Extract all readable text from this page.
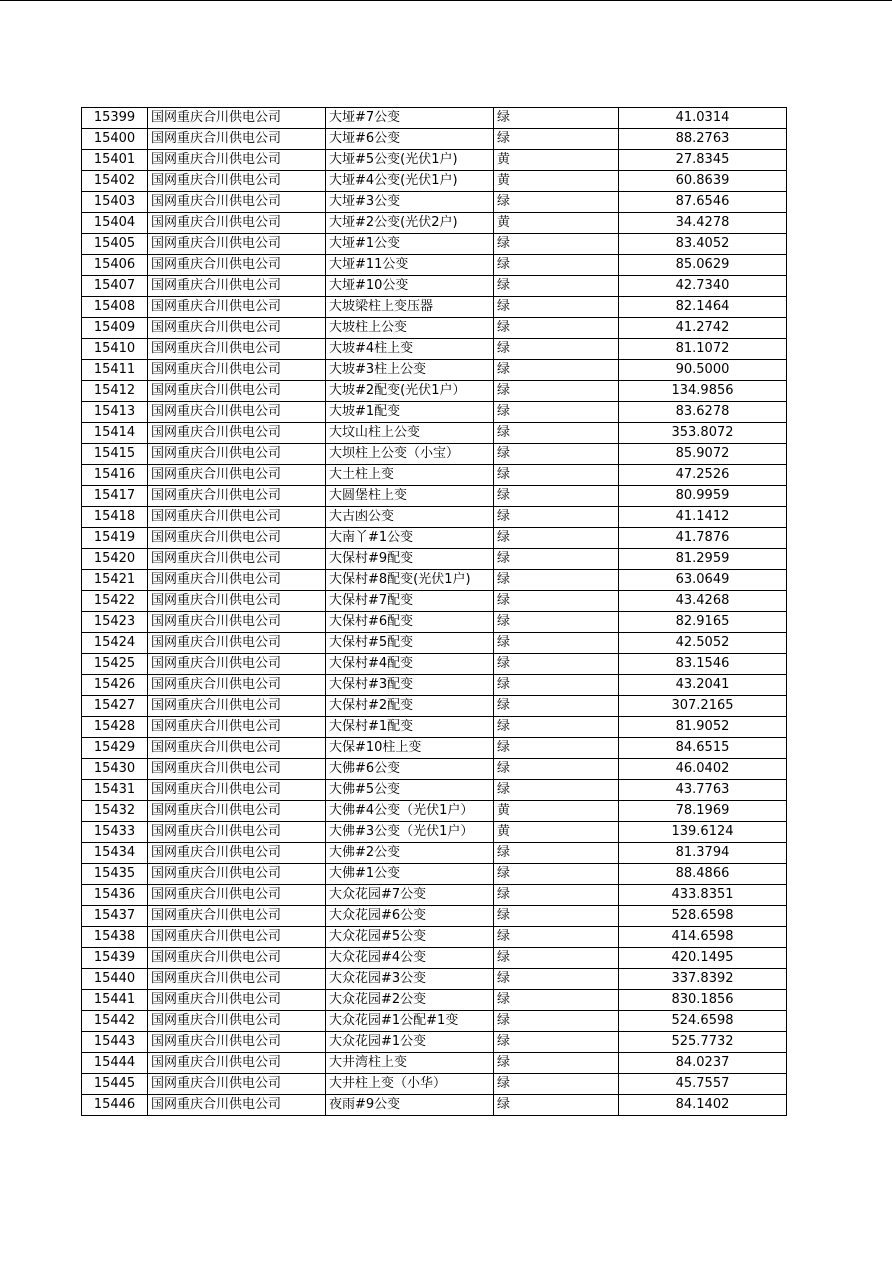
15399	国网重庆合川供电公司	大垭#7公变	绿	41.0314
15400	国网重庆合川供电公司	大垭#6公变	绿	88.2763
15401	国网重庆合川供电公司	大垭#5公变(光伏1户)	黄	27.8345
15402	国网重庆合川供电公司	大垭#4公变(光伏1户)	黄	60.8639
15403	国网重庆合川供电公司	大垭#3公变	绿	87.6546
15404	国网重庆合川供电公司	大垭#2公变(光伏2户)	黄	34.4278
15405	国网重庆合川供电公司	大垭#1公变	绿	83.4052
15406	国网重庆合川供电公司	大垭#11公变	绿	85.0629
15407	国网重庆合川供电公司	大垭#10公变	绿	42.7340
15408	国网重庆合川供电公司	大坡梁柱上变压器	绿	82.1464
15409	国网重庆合川供电公司	大坡柱上公变	绿	41.2742
15410	国网重庆合川供电公司	大坡#4柱上变	绿	81.1072
15411	国网重庆合川供电公司	大坡#3柱上公变	绿	90.5000
15412	国网重庆合川供电公司	大坡#2配变(光伏1户）	绿	134.9856
15413	国网重庆合川供电公司	大坡#1配变	绿	83.6278
15414	国网重庆合川供电公司	大坟山柱上公变	绿	353.8072
15415	国网重庆合川供电公司	大坝柱上公变（小宝）	绿	85.9072
15416	国网重庆合川供电公司	大土柱上变	绿	47.2526
15417	国网重庆合川供电公司	大圆堡柱上变	绿	80.9959
15418	国网重庆合川供电公司	大古凼公变	绿	41.1412
15419	国网重庆合川供电公司	大南丫#1公变	绿	41.7876
15420	国网重庆合川供电公司	大保村#9配变	绿	81.2959
15421	国网重庆合川供电公司	大保村#8配变(光伏1户)	绿	63.0649
15422	国网重庆合川供电公司	大保村#7配变	绿	43.4268
15423	国网重庆合川供电公司	大保村#6配变	绿	82.9165
15424	国网重庆合川供电公司	大保村#5配变	绿	42.5052
15425	国网重庆合川供电公司	大保村#4配变	绿	83.1546
15426	国网重庆合川供电公司	大保村#3配变	绿	43.2041
15427	国网重庆合川供电公司	大保村#2配变	绿	307.2165
15428	国网重庆合川供电公司	大保村#1配变	绿	81.9052
15429	国网重庆合川供电公司	大保#10柱上变	绿	84.6515
15430	国网重庆合川供电公司	大佛#6公变	绿	46.0402
15431	国网重庆合川供电公司	大佛#5公变	绿	43.7763
15432	国网重庆合川供电公司	大佛#4公变（光伏1户）	黄	78.1969
15433	国网重庆合川供电公司	大佛#3公变（光伏1户）	黄	139.6124
15434	国网重庆合川供电公司	大佛#2公变	绿	81.3794
15435	国网重庆合川供电公司	大佛#1公变	绿	88.4866
15436	国网重庆合川供电公司	大众花园#7公变	绿	433.8351
15437	国网重庆合川供电公司	大众花园#6公变	绿	528.6598
15438	国网重庆合川供电公司	大众花园#5公变	绿	414.6598
15439	国网重庆合川供电公司	大众花园#4公变	绿	420.1495
15440	国网重庆合川供电公司	大众花园#3公变	绿	337.8392
15441	国网重庆合川供电公司	大众花园#2公变	绿	830.1856
15442	国网重庆合川供电公司	大众花园#1公配#1变	绿	524.6598
15443	国网重庆合川供电公司	大众花园#1公变	绿	525.7732
15444	国网重庆合川供电公司	大井湾柱上变	绿	84.0237
15445	国网重庆合川供电公司	大井柱上变（小华）	绿	45.7557
15446	国网重庆合川供电公司	夜雨#9公变	绿	84.1402
